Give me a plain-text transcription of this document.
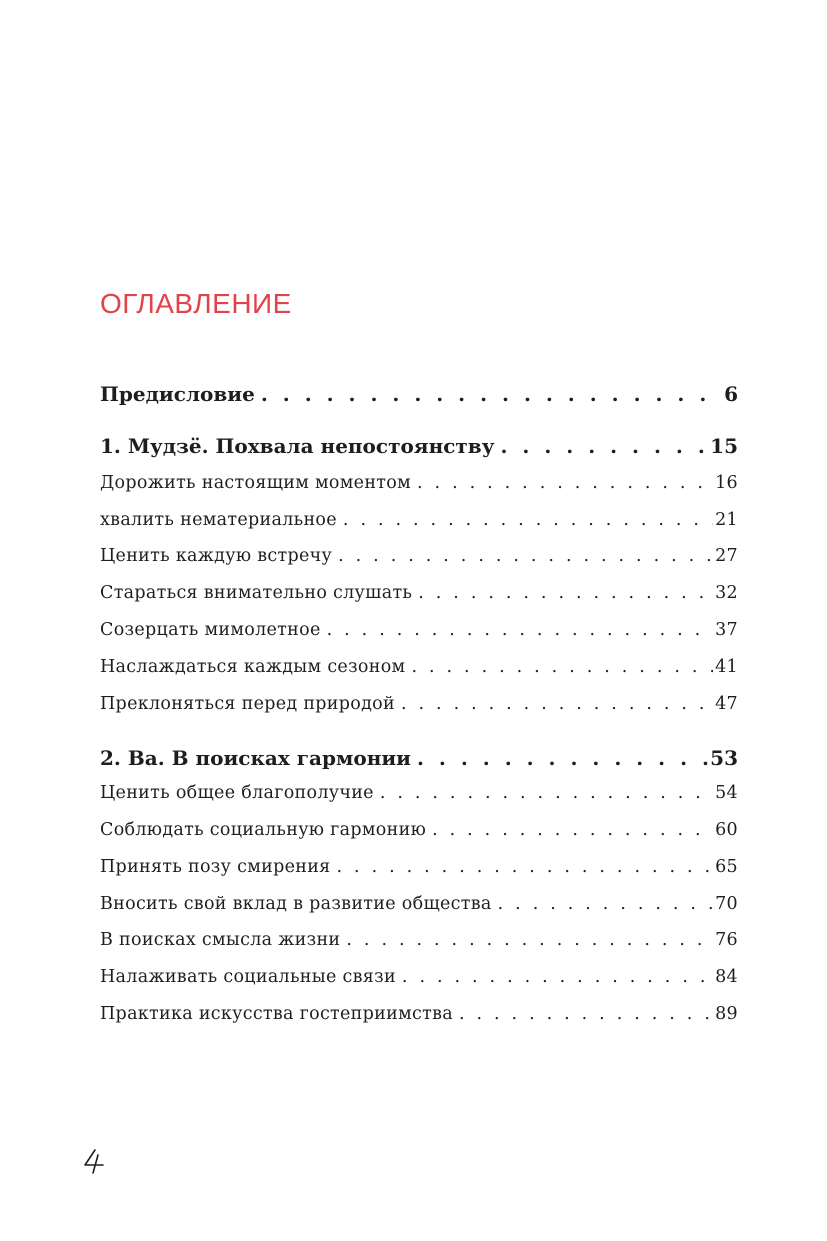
ОГЛАВЛЕНИЕ
Предисловие . . .	6
1. Мудзё. Похвала непостоянству . . .	15
Дорожить настоящим моментом . . .	16
хвалить нематериальное . . .	21
Ценить каждую встречу . . .	27
Стараться внимательно слушать . . .	32
Созерцать мимолетное . . .	37
Наслаждаться каждым сезоном . . .	41
Преклоняться перед природой . . .	47
2. Ва. В поисках гармонии . . .	53
Ценить общее благополучие . . .	54
Соблюдать социальную гармонию . . .	60
Принять позу смирения . . .	65
Вносить свой вклад в развитие общества . . .	70
В поисках смысла жизни . . .	76
Налаживать социальные связи . . .	84
Практика искусства гостеприимства . . .	89
